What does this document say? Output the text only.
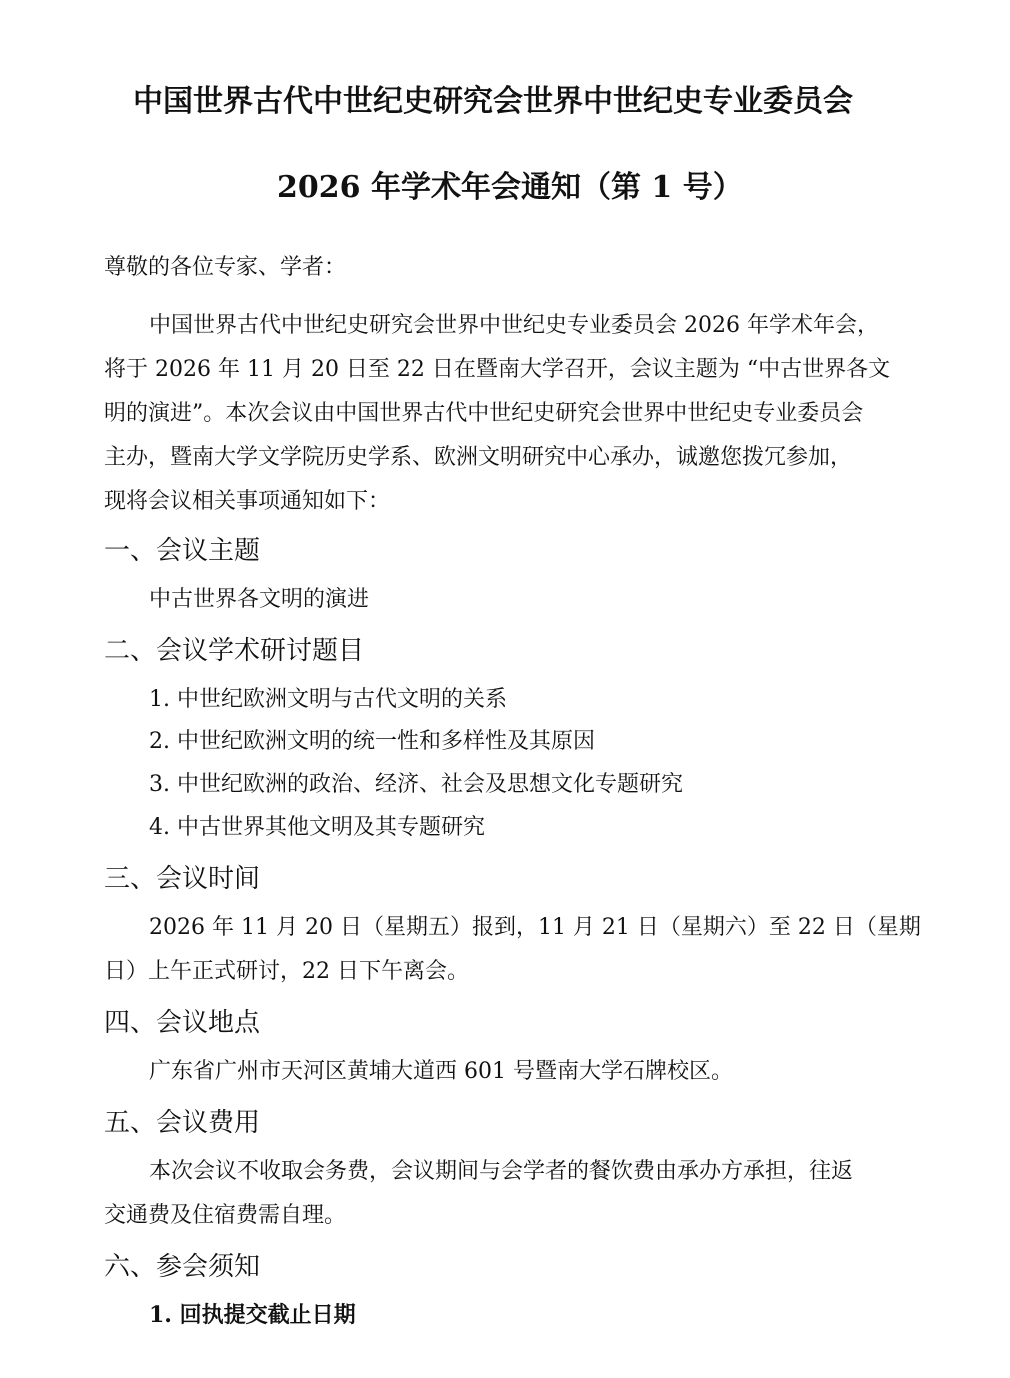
中国世界古代中世纪史研究会世界中世纪史专业委员会
2026 年学术年会通知（第 1 号）
尊敬的各位专家、学者：
中国世界古代中世纪史研究会世界中世纪史专业委员会 2026 年学术年会，
将于 2026 年 11 月 20 日至 22 日在暨南大学召开，会议主题为 “中古世界各文
明的演进”。本次会议由中国世界古代中世纪史研究会世界中世纪史专业委员会
主办，暨南大学文学院历史学系、欧洲文明研究中心承办，诚邀您拨冗参加，
现将会议相关事项通知如下：
一、会议主题
中古世界各文明的演进
二、会议学术研讨题目
1. 中世纪欧洲文明与古代文明的关系
2. 中世纪欧洲文明的统一性和多样性及其原因
3. 中世纪欧洲的政治、经济、社会及思想文化专题研究
4. 中古世界其他文明及其专题研究
三、会议时间
2026 年 11 月 20 日（星期五）报到，11 月 21 日（星期六）至 22 日（星期
日）上午正式研讨，22 日下午离会。
四、会议地点
广东省广州市天河区黄埔大道西 601 号暨南大学石牌校区。
五、会议费用
本次会议不收取会务费，会议期间与会学者的餐饮费由承办方承担，往返
交通费及住宿费需自理。
六、参会须知
1. 回执提交截止日期
